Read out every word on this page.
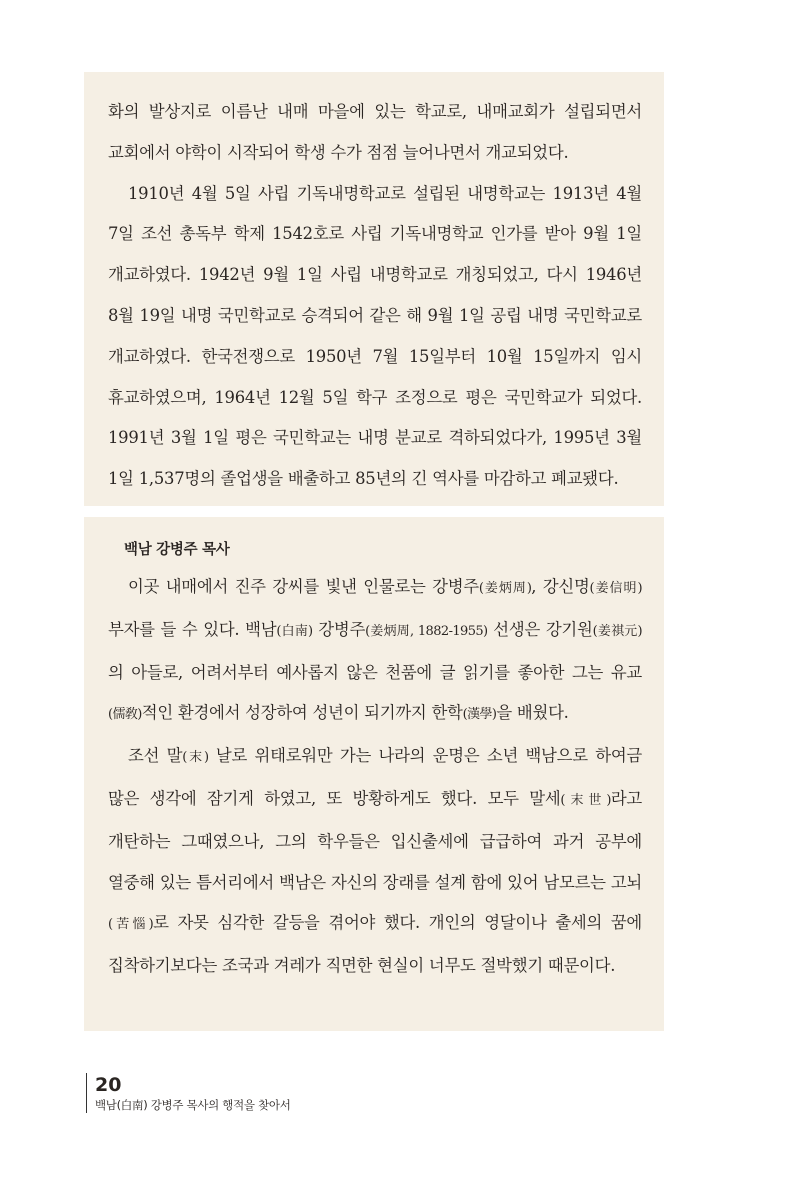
화의 발상지로 이름난 내매 마을에 있는 학교로, 내매교회가 설립되면서 교회에서 야학이 시작되어 학생 수가 점점 늘어나면서 개교되었다.

1910년 4월 5일 사립 기독내명학교로 설립된 내명학교는 1913년 4월 7일 조선 총독부 학제 1542호로 사립 기독내명학교 인가를 받아 9월 1일 개교하였다. 1942년 9월 1일 사립 내명학교로 개칭되었고, 다시 1946년 8월 19일 내명 국민학교로 승격되어 같은 해 9월 1일 공립 내명 국민학교로 개교하였다. 한국전쟁으로 1950년 7월 15일부터 10월 15일까지 임시 휴교하였으며, 1964년 12월 5일 학구 조정으로 평은 국민학교가 되었다. 1991년 3월 1일 평은 국민학교는 내명 분교로 격하되었다가, 1995년 3월 1일 1,537명의 졸업생을 배출하고 85년의 긴 역사를 마감하고 폐교됐다.

백남 강병주 목사

이곳 내매에서 진주 강씨를 빛낸 인물로는 강병주(姜炳周), 강신명(姜信明) 부자를 들 수 있다. 백남(白南) 강병주(姜炳周, 1882-1955) 선생은 강기원(姜祺元)의 아들로, 어려서부터 예사롭지 않은 천품에 글 읽기를 좋아한 그는 유교(儒敎)적인 환경에서 성장하여 성년이 되기까지 한학(漢學)을 배웠다.

조선 말(末) 날로 위태로워만 가는 나라의 운명은 소년 백남으로 하여금 많은 생각에 잠기게 하였고, 또 방황하게도 했다. 모두 말세(末世)라고 개탄하는 그때였으나, 그의 학우들은 입신출세에 급급하여 과거 공부에 열중해 있는 틈서리에서 백남은 자신의 장래를 설계 함에 있어 남모르는 고뇌(苦惱)로 자못 심각한 갈등을 겪어야 했다. 개인의 영달이나 출세의 꿈에 집착하기보다는 조국과 겨레가 직면한 현실이 너무도 절박했기 때문이다.

20
백남(白南) 강병주 목사의 행적을 찾아서
